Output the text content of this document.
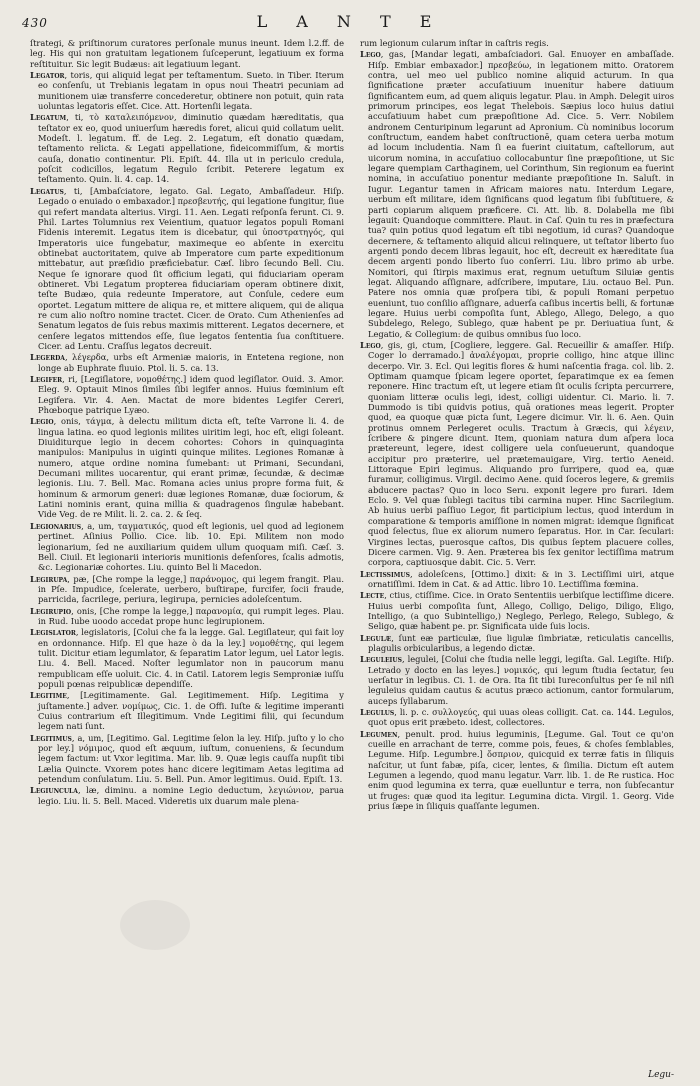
430	L A N T E

ſtrategi, & priſtinorum curatores perſonale munus ineunt. Idem l.2.ff. de leg. His qui non gratuitam legationem ſuſceperunt, legatiuum ex forma reſtituitur. Sic legit Budæus: ait legatiuum legant.

Legator, toris, qui aliquid legat per teſtamentum. Sueto. in Tiber. Iterum eo conſenſu, ut Trebianis legatam in opus noui Theatri pecuniam ad munitionem uiæ transferre concederetur, obtinere non potuit, quin rata uoluntas legatoris eſſet. Cice. Att. Hortenſii legata.

Legatum, ti, τὸ καταλειπόμενον, diminutio quædam hæreditatis, qua teſtator ex eo, quod uniuerſum hæredis foret, alicui quid collatum uelit. Modeſt. l. legatum. ff. de Leg. 2. Legatum, eſt donatio quædam, teſtamento relicta. & Legati appellatione, fideicommiſſum, & mortis cauſa, donatio continentur. Pli. Epiſt. 44. Illa ut in periculo credula, poſcit codicillos, legatum Regulo ſcribit. Peterere legatum ex teſtamento. Quin. li. 4. cap. 14.

Legatus, ti, [Ambaſciatore, legato. Gal. Legato, Ambaſſadeur. Hiſp. Legado o enuiado o embaxador.] πρεσβευτής, qui legatione fungitur, ſiue qui refert mandata alterius. Virgi. 11. Aen. Legati reſponſa ferunt. Ci. 9. Phil. Lartes Tolumnius rex Veientium, quatuor legatos populi Romani Fidenis interemit. Legatus item is dicebatur, qui ὑποστρατηγός, qui Imperatoris uice fungebatur, maximeque eo abſente in exercitu obtinebat auctoritatem, quive ab Imperatore cum parte expeditionum mittebatur, aut præſidio præficiebatur. Cæſ. libro ſecundo Bell. Ciu. Neque ſe ignorare quod ſit officium legati, qui fiduciariam operam obtineret. Vbi Legatum propterea fiduciariam operam obtinere dixit, teſte Budæo, quia redeunte Imperatore, aut Conſule, cedere eum oportet. Legatum mittere de aliqua re, et mittere aliquem, qui de aliqua re cum alio noſtro nomine tractet. Cicer. de Orato. Cum Athenienſes ad Senatum legatos de ſuis rebus maximis mitterent. Legatos decernere, et cenſere legatos mittendos eſſe, ſiue legatos ſententia ſua conſtituere. Cicer. ad Lentu. Craſſus legatos decreuit.

Legerda, λέγερδα, urbs eſt Armeniæ maioris, in Entetena regione, non longe ab Euphrate fluuio. Ptol. li. 5. ca. 13.

Legifer, ri, [Legiſlatore, νομοθέτης.] idem quod legiſlator. Ouid. 3. Amor. Eleg. 9. Optauit Minos ſimiles ſibi legifer annos. Huius fœminium eſt Legifera. Vir. 4. Aen. Mactat de more bidentes Legifer Cereri, Phœboque patrique Lyæo.

Legio, onis, τάγμα, à delectu militum dicta eſt, teſte Varrone li. 4. de lingua latina. eo quod legionis milites uiritim legi, hoc eſt, eligi ſoleant. Diuiditurque legio in decem cohortes: Cohors in quinquaginta manipulos: Manipulus in uiginti quinque milites. Legiones Romanæ à numero, atque ordine nomina ſumebant: ut Primani, Secundani, Decumani milites uocarentur, qui erant primæ, ſecundæ, & decimæ legionis. Liu. 7. Bell. Mac. Romana acies unius propre forma fuit, & hominum & armorum generi: duæ legiones Romanæ, duæ ſociorum, & Latini nominis erant, quina millia & quadragenos ſingulæ habebant. Vide Veg. de re Milit. li. 2. ca. 2. & ſeq.

Legionarius, a, um, ταγματικός, quod eſt legionis, uel quod ad legionem pertinet. Aſinius Pollio. Cice. lib. 10. Epi. Militem non modo legionarium, ſed ne auxiliarium quidem ullum quoquam miſi. Cæſ. 3. Bell. Ciuil. Et legionarii interioris munitionis defenſores, ſcalis admotis, &c. Legionariæ cohortes. Liu. quinto Bel li Macedon.

Legirupa, pæ, [Che rompe la legge,] παράνομος, qui legem frangit. Plau. in Pſe. Impudice, ſcelerate, uerbero, buſtirape, furcifer, ſocii fraude, parricida, ſacrilege, periura, legirupa, pernicies adoleſcentum.

Legirupio, onis, [Che rompe la legge,] παρανομία, qui rumpit leges. Plau. in Rud. Iube uoodo accedat prope hunc legirupionem.

Legislator, legislatoris, [Colui che fa la legge. Gal. Legiſlateur, qui fait loy en ordonnance. Hiſp. El que haze ò da la ley.] νομοθέτης, qui legem tulit. Dicitur etiam legumlator, & ſeparatim Lator legum, uel Lator legis. Liu. 4. Bell. Maced. Noſter legumlator non in paucorum manu rempublicam eſſe uoluit. Cic. 4. in Catil. Latorem legis Semproniæ iuſſu populi pœnas reipublicæ dependiſſe.

Legitime, [Legitimamente. Gal. Legitimement. Hiſp. Legitima y juſtamente.] adver. νομίμως, Cic. 1. de Offi. Iuſte & legitime imperanti Cuius contrarium eſt Illegitimum. Vnde Legitimi filii, qui ſecundum legem nati ſunt.

Legitimus, a, um, [Legitimo. Gal. Legitime ſelon la ley. Hiſp. juſto y lo cho por ley.] νόμιμος, quod eſt æquum, iuſtum, conueniens, & ſecundum legem factum: ut Vxor legitima. Mar. lib. 9. Quæ legis cauſſa nupſit tibi Lælia Quincte. Vxorem potes hanc dicere legitimam Aetas legitima ad petendum conſulatum. Liu. 5. Bell. Pun. Amor legitimus. Ouid. Epiſt. 13.

Legiuncula, læ, diminu. a nomine Legio deductum, λεγιώνιον, parua legio. Liu. li. 5. Bell. Maced. Videretis uix duarum male plena-

rum legionum cularum inſtar in caſtris regis.

Lego, gas, [Mandar legati, ambaſciadori. Gal. Enuoyer en ambaſſade. Hiſp. Embiar embaxador.] πρεσβεύω, in legationem mitto. Oratorem contra, uel meo uel publico nomine aliquid acturum. In qua ſignificatione præter accuſatiuum inuenitur habere datiuum ſignificantem eum, ad quem aliquis legatur. Plau. in Amph. Delegit uiros primorum principes, eos legat Thelebois. Sæpius loco huius datiui accuſatiuum habet cum præpoſitione Ad. Cice. 5. Verr. Nobilem andronem Centuripinum legarunt ad Apronium. Cù nominibus locorum conſtructum, eandem habet conſtructionē, quam cetera uerba motum ad locum includentia. Nam ſi ea fuerint ciuitatum, caſtellorum, aut uicorum nomina, in accuſatiuo collocabuntur ſine præpoſitione, ut Sic legare quempiam Carthaginem, uel Corinthum, Sin regionum ea fuerint nomina, in accuſatiuo ponentur mediante præpoſitione In. Saluſt. in Iugur. Legantur tamen in Africam maiores natu. Interdum Legare, uerbum eſt militare, idem ſignificans quod legatum ſibi ſubſtituere, & parti copiarum aliquem præficere. Ci. Att. lib. 8. Dolabella me ſibi legauit: Quandoque committere. Plaut. in Caſ. Quin tu res in præfectura tua? quin potius quod legatum eſt tibi negotium, id curas? Quandoque decernere, & teſtamento aliquid alicui relinquere, ut teſtator liberto ſuo argenti pondo decem libras legauit, hoc eſt, decreuit ex hæreditate ſua decem argenti pondo liberto ſuo conſerri. Liu. libro primo ab urbe. Nomitori, qui ſtirpis maximus erat, regnum uetuſtum Siluiæ gentis legat. Aliquando aſſignare, adſcribere, imputare, Liu. octauo Bel. Pun. Patere nos omnia quæ proſpera tibi, & populi Romani perpetuo eueniunt, tuo conſilio aſſignare, aduerſa caſibus incertis belli, & fortunæ legare. Huius uerbi compoſita ſunt, Ablego, Allego, Delego, a quo Subdelego, Relego, Sublego, quæ habent pe pr. Deriuatiua ſunt, & Legatio, & Collegium: de quibus omnibus ſuo loco.

Lego, gis, gi, ctum, [Cogliere, leggere. Gal. Recueillir & amaſſer. Hiſp. Coger lo derramado.] ἀναλέγομαι, proprie colligo, hinc atque illinc decerpo. Vir. 3. Ecl. Qui legitis flores & humi naſcentia fraga. col. lib. 2. Optimam quamque ſpicam legere oportet, ſeparatimque ex ea ſemen reponere. Hinc tractum eſt, ut legere etiam ſit oculis ſcripta percurrere, quoniam litteræ oculis legi, idest, colligi uidentur. Ci. Mario. li. 7. Dummodo is tibi quidvis potius, quā orationes meas legerit. Propter quod, ea quoque quæ picta ſunt, Legere dicimur. Vir. li. 6. Aen. Quin protinus omnem Perlegeret oculis. Tractum à Græcis, qui λέγειν, ſcribere & pingere dicunt. Item, quoniam natura dum aſpera loca prætereunt, legere, idest colligere uela conſueuerunt, quandoque accipitur pro præterire, uel prætemauigare, Virg. tertio Aeneid. Littoraque Epiri legimus. Aliquando pro ſurripere, quod ea, quæ furamur, colligimus. Virgil. decimo Aene. quid ſoceros legere, & gremiis abducere pactas? Quo in loco Seru. exponit legere pro furari. Idem Eclo. 9. Vel quæ ſublegi tacitus tibi carmina nuper. Hinc Sacrilegium. Ab huius uerbi paſſiuo Legor, fit participium lectus, quod interdum in comparatione & temporis amiſſione in nomen migrat: idemque ſignificat quod ſelectus, ſiue ex aliorum numero ſeparatus. Hor. in Car. ſeculari: Virgines lectas, puerosque caſtos, Dis quibus ſeptem placuere colles, Dicere carmen. Vig. 9. Aen. Præterea bis ſex genitor lectiſſima matrum corpora, captiuosque dabit. Cic. 5. Verr.

Lectissimus, adoleſcens, [Ottimo.] dixit: & in 3. Lectiſſimi uiri, atque ornatiſſimi. Idem in Cat. & ad Attic. libro 10. Lectiſſima fœmina.

Lecte, ctius, ctiſſime. Cice. in Orato Sententiis uerbiſque lectiſſime dicere. Huius uerbi compoſita ſunt, Allego, Colligo, Deligo, Diligo, Eligo, Intelligo, (a quo Subintelligo,) Neglego, Perlego, Relego, Sublego, & Seligo, quæ habent pe. pr. Significata uide ſuis locis.

Legulæ, ſunt eæ particulæ, ſiue ligulæ ſimbriatæ, reticulatis cancellis, plagulis orbicularibus, a legendo dictæ.

Leguleius, legulei, [Colui che ſtudia nelle leggi, legiſta. Gal. Legiſte. Hiſp. Letrado y docto en las leyes.] νομικός, qui legum ſtudia ſectatur, ſeu uerſatur in legibus. Ci. 1. de Ora. Ita ſit tibi Iureconſultus per ſe nil niſi leguleius quidam cautus & acutus præco actionum, cantor formularum, auceps ſyllabarum.

Legulus, li. p. c. συλλογεύς, qui uuas oleas colligit. Cat. ca. 144. Legulos, quot opus erit præbeto. idest, collectores.

Legumen, penult. prod. huius leguminis, [Legume. Gal. Tout ce qu'on cueille en arrachant de terre, comme pois, feues, & choſes ſemblables, Legume. Hiſp. Legumbre.] ὄσπριον, quicquid ex terræ fatis in ſiliquis naſcitur, ut ſunt fabæ, piſa, cicer, lentes, & ſimilia. Dictum eſt autem Legumen a legendo, quod manu legatur. Varr. lib. 1. de Re rustica. Hoc enim quod legumina ex terra, quæ euelluntur e terra, non ſubſecantur ut fruges: quæ quod ita legitur. Legumina dicta. Virgil. 1. Georg. Vide prius ſæpe in ſiliquis quaſſante legumen.

Legu-
